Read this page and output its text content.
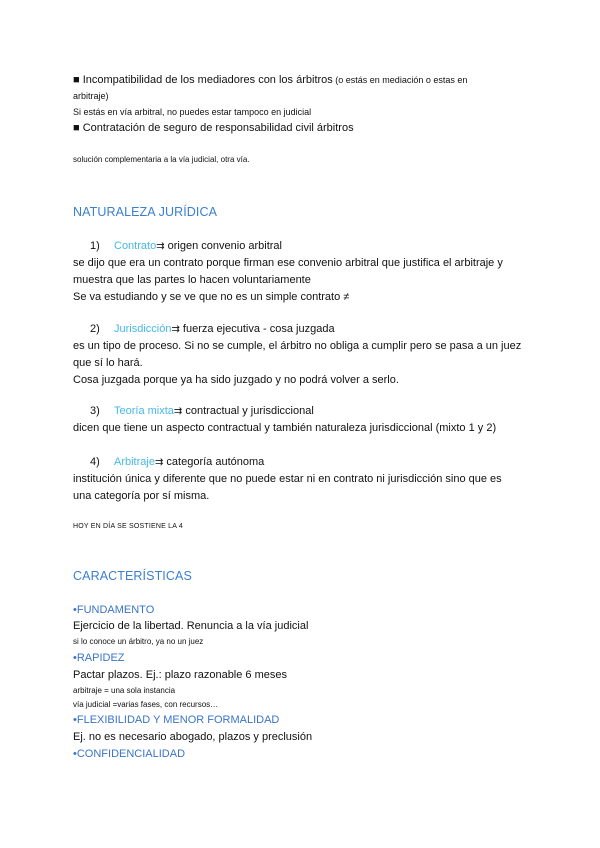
■ Incompatibilidad de los mediadores con los árbitros (o estás en mediación o estas en

arbitraje)

Si estás en vía arbitral, no puedes estar tampoco en judicial

■ Contratación de seguro de responsabilidad civil árbitros

solución complementaria a la vía judicial, otra vía.

NATURALEZA JURÍDICA

1) Contrato⇉ origen convenio arbitral

se dijo que era un contrato porque firman ese convenio arbitral que justifica el arbitraje y

muestra que las partes lo hacen voluntariamente

Se va estudiando y se ve que no es un simple contrato ≠

2) Jurisdicción⇉ fuerza ejecutiva - cosa juzgada

es un tipo de proceso. Si no se cumple, el árbitro no obliga a cumplir pero se pasa a un juez

que sí lo hará.

Cosa juzgada porque ya ha sido juzgado y no podrá volver a serlo.

3) Teoría mixta⇉ contractual y jurisdiccional

dicen que tiene un aspecto contractual y también naturaleza jurisdiccional (mixto 1 y 2)

4) Arbitraje⇉ categoría autónoma

institución única y diferente que no puede estar ni en contrato ni jurisdicción sino que es

una categoría por sí misma.

HOY EN DÍA SE SOSTIENE LA 4

CARACTERÍSTICAS

•FUNDAMENTO

Ejercicio de la libertad. Renuncia a la vía judicial

si lo conoce un árbitro, ya no un juez

•RAPIDEZ

Pactar plazos. Ej.: plazo razonable 6 meses

arbitraje = una sola instancia

vía judicial =varias fases, con recursos…

•FLEXIBILIDAD Y MENOR FORMALIDAD

Ej. no es necesario abogado, plazos y preclusión

•CONFIDENCIALIDAD
